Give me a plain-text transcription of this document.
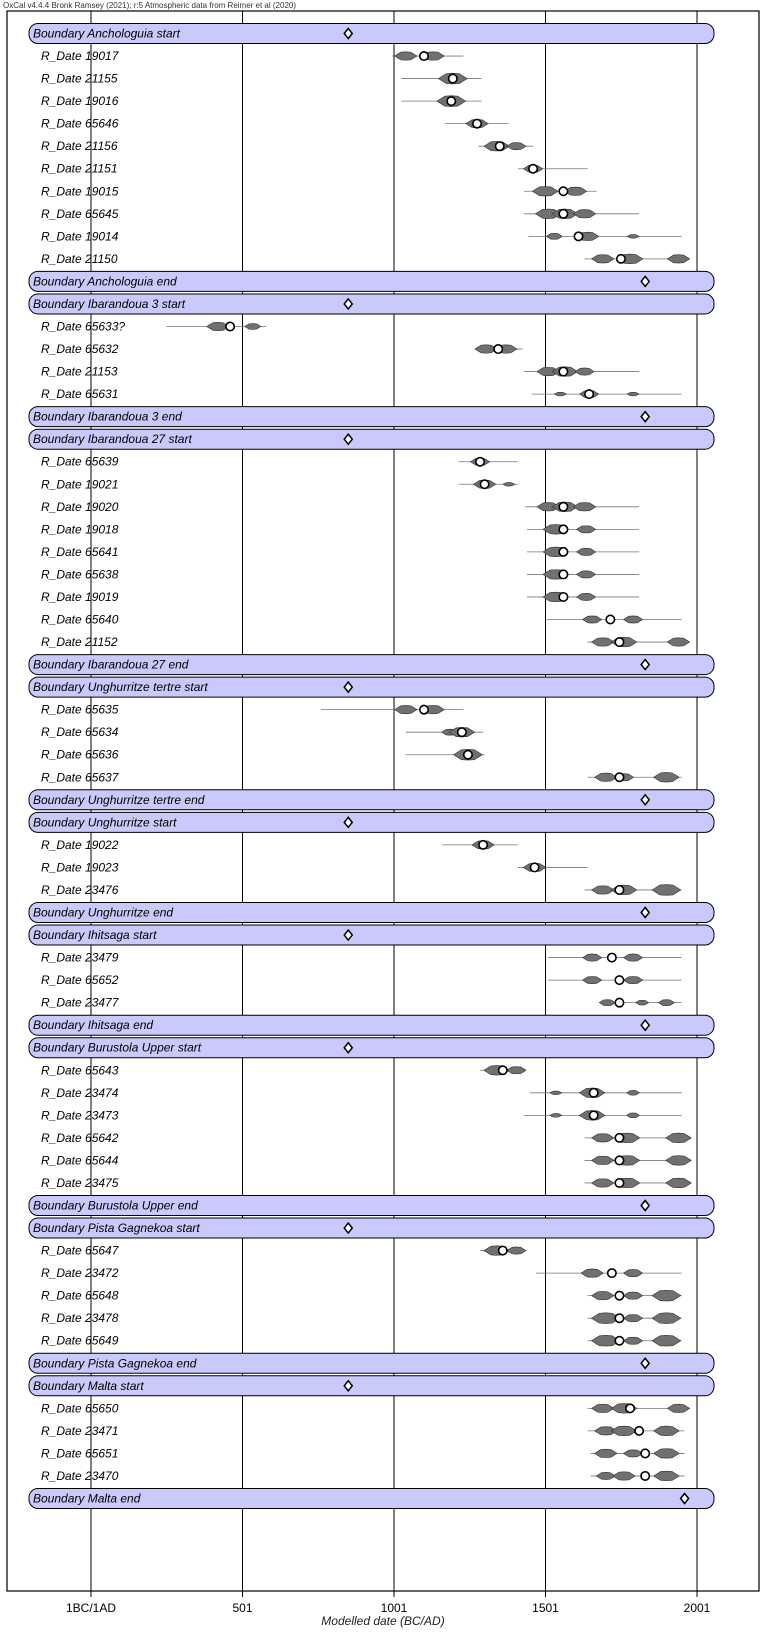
OxCal v4.4.4 Bronk Ramsey (2021); r:5 Atmospheric data from Reimer et al (2020)
Boundary Anchologuia start
R_Date 19017
R_Date 21155
R_Date 19016
R_Date 65646
R_Date 21156
R_Date 21151
R_Date 19015
R_Date 65645
R_Date 19014
R_Date 21150
Boundary Anchologuia end
Boundary Ibarandoua 3 start
R_Date 65633?
R_Date 65632
R_Date 21153
R_Date 65631
Boundary Ibarandoua 3 end
Boundary Ibarandoua 27 start
R_Date 65639
R_Date 19021
R_Date 19020
R_Date 19018
R_Date 65641
R_Date 65638
R_Date 19019
R_Date 65640
R_Date 21152
Boundary Ibarandoua 27 end
Boundary Unghurritze tertre start
R_Date 65635
R_Date 65634
R_Date 65636
R_Date 65637
Boundary Unghurritze tertre end
Boundary Unghurritze start
R_Date 19022
R_Date 19023
R_Date 23476
Boundary Unghurritze end
Boundary Ihitsaga start
R_Date 23479
R_Date 65652
R_Date 23477
Boundary Ihitsaga end
Boundary Burustola Upper start
R_Date 65643
R_Date 23474
R_Date 23473
R_Date 65642
R_Date 65644
R_Date 23475
Boundary Burustola Upper end
Boundary Pista Gagnekoa start
R_Date 65647
R_Date 23472
R_Date 65648
R_Date 23478
R_Date 65649
Boundary Pista Gagnekoa end
Boundary Malta start
R_Date 65650
R_Date 23471
R_Date 65651
R_Date 23470
Boundary Malta end
1BC/1AD	501	1001	1501	2001
Modelled date (BC/AD)
